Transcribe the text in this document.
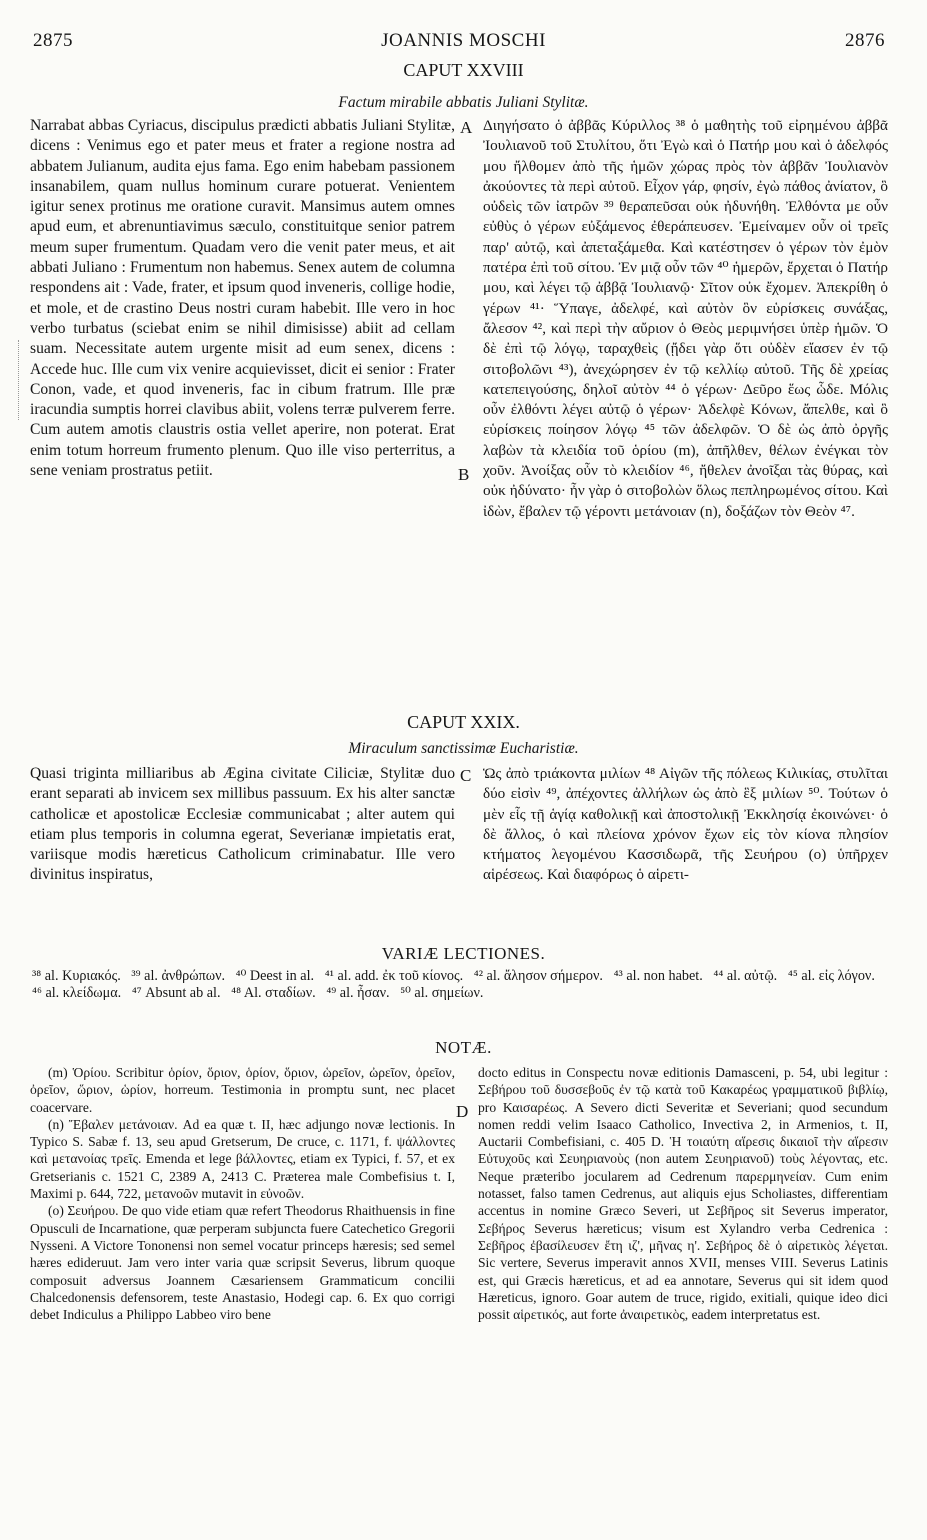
2875	JOANNIS MOSCHI	2876
CAPUT XXVIII
Factum mirabile abbatis Juliani Stylitæ.

Narrabat abbas Cyriacus, discipulus prædicti abbatis Juliani Stylitæ, dicens : Venimus ego et pater meus et frater a regione nostra ad abbatem Julianum, audita ejus fama. Ego enim habebam passionem insanabilem, quam nullus hominum curare potuerat. Venientem igitur senex protinus me oratione curavit. Mansimus autem omnes apud eum, et abrenuntiavimus sæculo, constituitque senior patrem meum super frumentum. Quadam vero die venit pater meus, et ait abbati Juliano : Frumentum non habemus. Senex autem de columna respondens ait : Vade, frater, et ipsum quod inveneris, collige hodie, et mole, et de crastino Deus nostri curam habebit. Ille vero in hoc verbo turbatus (sciebat enim se nihil dimisisse) abiit ad cellam suam. Necessitate autem urgente misit ad eum senex, dicens : Accede huc. Ille cum vix venire acquievisset, dicit ei senior : Frater Conon, vade, et quod inveneris, fac in cibum fratrum. Ille præ iracundia sumptis horrei clavibus abiit, volens terræ pulverem ferre. Cum autem amotis claustris ostia vellet aperire, non poterat. Erat enim totum horreum frumento plenum. Quo ille viso perterritus, a sene veniam prostratus petiit.

A
B

Διηγήσατο ὁ ἀββᾶς Κύριλλος ³⁸ ὁ μαθητὴς τοῦ εἰρημένου ἀββᾶ Ἰουλιανοῦ τοῦ Στυλίτου, ὅτι Ἐγὼ καὶ ὁ Πατήρ μου καὶ ὁ ἀδελφός μου ἤλθομεν ἀπὸ τῆς ἡμῶν χώρας πρὸς τὸν ἀββᾶν Ἰουλιανὸν ἀκούοντες τὰ περὶ αὐτοῦ. Εἶχον γάρ, φησίν, ἐγὼ πάθος ἀνίατον, ὃ οὐδεὶς τῶν ἰατρῶν ³⁹ θεραπεῦσαι οὐκ ἠδυνήθη. Ἐλθόντα με οὖν εὐθὺς ὁ γέρων εὐξάμενος ἐθεράπευσεν. Ἐμείναμεν οὖν οἱ τρεῖς παρ' αὐτῷ, καὶ ἀπεταξάμεθα. Καὶ κατέστησεν ὁ γέρων τὸν ἐμὸν πατέρα ἐπὶ τοῦ σίτου. Ἐν μιᾷ οὖν τῶν ⁴⁰ ἡμερῶν, ἔρχεται ὁ Πατήρ μου, καὶ λέγει τῷ ἀββᾷ Ἰουλιανῷ· Σῖτον οὐκ ἔχομεν. Ἀπεκρίθη ὁ γέρων ⁴¹· Ὕπαγε, ἀδελφέ, καὶ αὐτὸν ὃν εὑρίσκεις συνάξας, ἄλεσον ⁴², καὶ περὶ τὴν αὔριον ὁ Θεὸς μεριμνήσει ὑπὲρ ἡμῶν. Ὁ δὲ ἐπὶ τῷ λόγῳ, ταραχθεὶς (ᾔδει γὰρ ὅτι οὐδὲν εἴασεν ἐν τῷ σιτοβολῶνι ⁴³), ἀνεχώρησεν ἐν τῷ κελλίῳ αὐτοῦ. Τῆς δὲ χρείας κατεπειγούσης, δηλοῖ αὐτὸν ⁴⁴ ὁ γέρων· Δεῦρο ἕως ὧδε. Μόλις οὖν ἐλθόντι λέγει αὐτῷ ὁ γέρων· Ἀδελφὲ Κόνων, ἄπελθε, καὶ ὃ εὑρίσκεις ποίησον λόγῳ ⁴⁵ τῶν ἀδελφῶν. Ὁ δὲ ὡς ἀπὸ ὀργῆς λαβὼν τὰ κλειδία τοῦ ὁρίου (m), ἀπῆλθεν, θέλων ἐνέγκαι τὸν χοῦν. Ἀνοίξας οὖν τὸ κλειδίον ⁴⁶, ἤθελεν ἀνοῖξαι τὰς θύρας, καὶ οὐκ ἠδύνατο· ἦν γὰρ ὁ σιτοβολὼν ὅλως πεπληρωμένος σίτου. Καὶ ἰδὼν, ἔβαλεν τῷ γέροντι μετάνοιαν (n), δοξάζων τὸν Θεὸν ⁴⁷.

CAPUT XXIX.
Miraculum sanctissimæ Eucharistiæ.

Quasi triginta milliaribus ab Ægina civitate Ciliciæ, Stylitæ duo erant separati ab invicem sex millibus passuum. Ex his alter sanctæ catholicæ et apostolicæ Ecclesiæ communicabat ; alter autem qui etiam plus temporis in columna egerat, Severianæ impietatis erat, variisque modis hæreticus Catholicum criminabatur. Ille vero divinitus inspiratus,

C Ὡς ἀπὸ τριάκοντα μιλίων ⁴⁸ Αἰγῶν τῆς πόλεως Κιλικίας, στυλῖται δύο εἰσὶν ⁴⁹, ἀπέχοντες ἀλλήλων ὡς ἀπὸ ἓξ μιλίων ⁵⁰. Τούτων ὁ μὲν εἷς τῇ ἁγίᾳ καθολικῇ καὶ ἀποστολικῇ Ἐκκλησίᾳ ἐκοινώνει· ὁ δὲ ἄλλος, ὁ καὶ πλείονα χρόνον ἔχων εἰς τὸν κίονα πλησίον κτήματος λεγομένου Κασσιδωρᾶ, τῆς Σευήρου (o) ὑπῆρχεν αἱρέσεως. Καὶ διαφόρως ὁ αἱρετι-

VARIÆ LECTIONES.
³⁸ al. Κυριακός. ³⁹ al. ἀνθρώπων. ⁴⁰ Deest in al. ⁴¹ al. add. ἐκ τοῦ κίονος. ⁴² al. ἄλησον σήμερον. ⁴³ al. non habet. ⁴⁴ al. αὐτῷ. ⁴⁵ al. εἰς λόγον. ⁴⁶ al. κλείδωμα. ⁴⁷ Absunt ab al. ⁴⁸ Al. σταδίων. ⁴⁹ al. ἦσαν. ⁵⁰ al. σημείων.
NOTÆ.

(m) Ὁρίου. Scribitur ὁρίον, ὅριον, ὁρίον, ὅριον, ὡρεῖον, ὠρεῖον, ὀρεῖον, ὀρεῖον, ὥριον, ὡρίον, horreum. Testimonia in promptu sunt, nec placet coacervare.

(n) Ἔβαλεν μετάνοιαν. Ad ea quæ t. II, hæc adjungo novæ lectionis. In Typico S. Sabæ f. 13, seu apud Gretserum, De cruce, c. 1171, f. ψάλλοντες καὶ μετανοίας τρεῖς. Emenda et lege βάλλοντες, etiam ex Typici, f. 57, et ex Gretserianis c. 1521 C, 2389 A, 2413 C. Præterea male Combefisius t. I, Maximi p. 644, 722, μετανοῶν mutavit in εὐνοῶν.

(o) Σευήρου. De quo vide etiam quæ refert Theodorus Rhaithuensis in fine Opusculi de Incarnatione, quæ perperam subjuncta fuere Catechetico Gregorii Nysseni. A Victore Tononensi non semel vocatur princeps hæresis; sed semel hæres edideruut. Jam vero inter varia quæ scripsit Severus, librum quoque composuit adversus Joannem Cæsariensem Grammaticum concilii Chalcedonensis defensorem, teste Anastasio, Hodegi cap. 6. Ex quo corrigi debet Indiculus a Philippo Labbeo viro bene

D

docto editus in Conspectu novæ editionis Damasceni, p. 54, ubi legitur : Σεβήρου τοῦ δυσσεβοῦς ἐν τῷ κατὰ τοῦ Κακαρέως γραμματικοῦ βιβλίῳ, pro Καισαρέως. A Severo dicti Severitæ et Severiani; quod secundum nomen reddi velim Isaaco Catholico, Invectiva 2, in Armenios, t. II, Auctarii Combefisiani, c. 405 D. Ἡ τοιαύτη αἵρεσις δικαιοῖ τὴν αἵρεσιν Εὐτυχοῦς καὶ Σευηριανοὺς (non autem Σευηριανοῦ) τοὺς λέγοντας, etc. Neque præteribo jocularem ad Cedrenum παρερμηνείαν. Cum enim notasset, falso tamen Cedrenus, aut aliquis ejus Scholiastes, differentiam accentus in nomine Græco Severi, ut Σεβῆρος sit Severus imperator, Σεβήρος Severus hæreticus; visum est Xylandro verba Cedrenica : Σεβῆρος ἐβασίλευσεν ἔτη ιζ', μῆνας η'. Σεβήρος δὲ ὁ αἱρετικὸς λέγεται. Sic vertere, Severus imperavit annos XVII, menses VIII. Severus Latinis est, qui Græcis hæreticus, et ad ea annotare, Severus qui sit idem quod Hæreticus, ignoro. Goar autem de truce, rigido, exitiali, quique ideo dici possit αἱρετικός, aut forte ἀναιρετικὸς, eadem interpretatus est.
